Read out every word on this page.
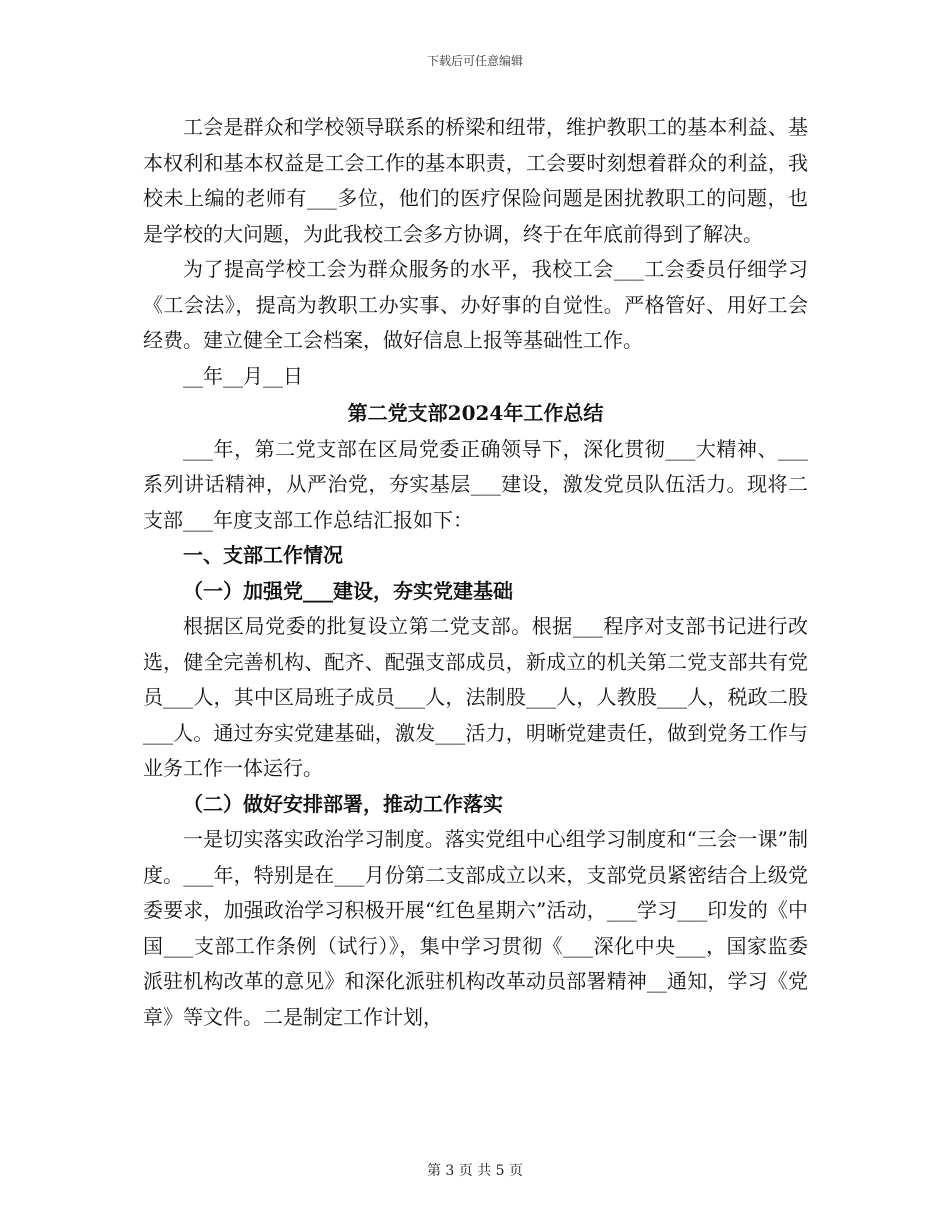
下载后可任意编辑

工会是群众和学校领导联系的桥梁和纽带，维护教职工的基本利益、基本权利和基本权益是工会工作的基本职责，工会要时刻想着群众的利益，我校未上编的老师有___多位，他们的医疗保险问题是困扰教职工的问题，也是学校的大问题，为此我校工会多方协调，终于在年底前得到了解决。

为了提高学校工会为群众服务的水平，我校工会___工会委员仔细学习《工会法》，提高为教职工办实事、办好事的自觉性。严格管好、用好工会经费。建立健全工会档案，做好信息上报等基础性工作。

__年__月__日

第二党支部2024年工作总结

___年，第二党支部在区局党委正确领导下，深化贯彻___大精神、___系列讲话精神，从严治党，夯实基层___建设，激发党员队伍活力。现将二支部___年度支部工作总结汇报如下：

一、支部工作情况

（一）加强党___建设，夯实党建基础

根据区局党委的批复设立第二党支部。根据___程序对支部书记进行改选，健全完善机构、配齐、配强支部成员，新成立的机关第二党支部共有党员___人，其中区局班子成员___人，法制股___人，人教股___人，税政二股___人。通过夯实党建基础，激发___活力，明晰党建责任，做到党务工作与业务工作一体运行。

（二）做好安排部署，推动工作落实

一是切实落实政治学习制度。落实党组中心组学习制度和“三会一课”制度。___年，特别是在___月份第二支部成立以来，支部党员紧密结合上级党委要求，加强政治学习积极开展“红色星期六”活动，___学习___印发的《中国___支部工作条例（试行）》，集中学习贯彻《___深化中央___，国家监委派驻机构改革的意见》和深化派驻机构改革动员部署精神__通知，学习《党章》等文件。二是制定工作计划，

第 3 页 共 5 页
